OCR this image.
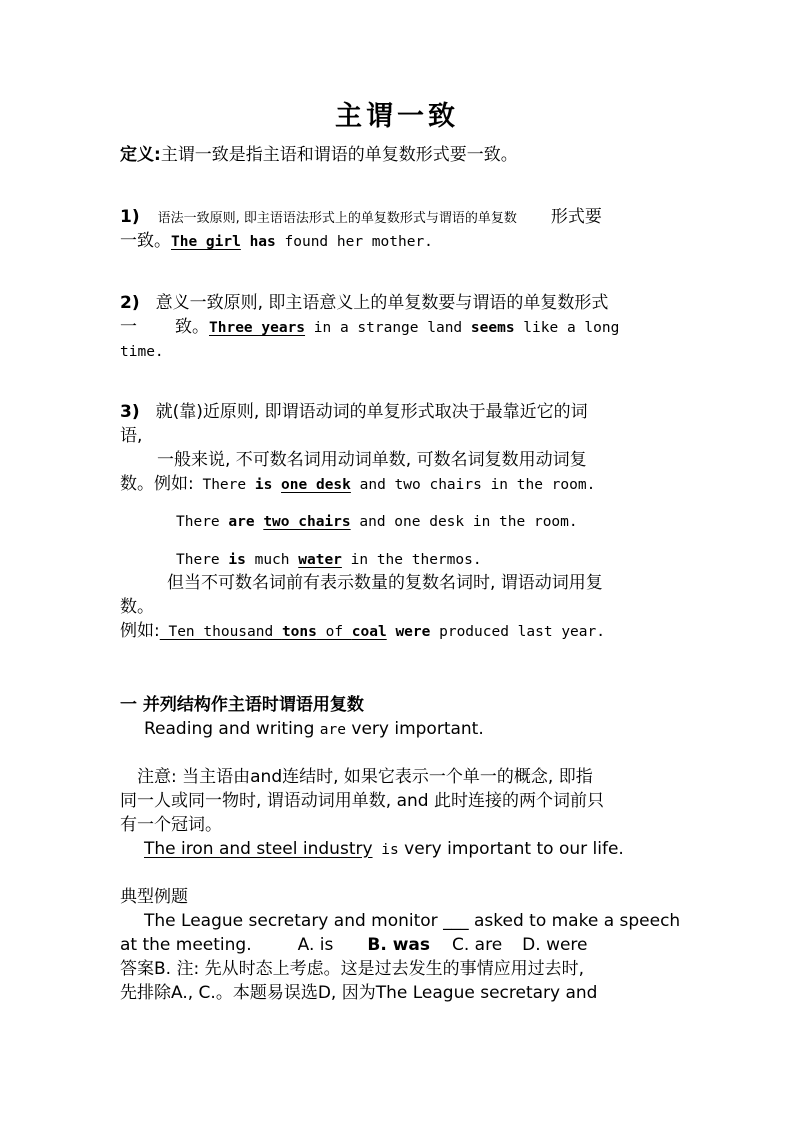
主谓一致
定义:主谓一致是指主语和谓语的单复数形式要一致。
1) 语法一致原则, 即主语语法形式上的单复数形式与谓语的单复数 形式要
一致。The girl has found her mother.
2) 意义一致原则, 即主语意义上的单复数要与谓语的单复数形式
一 致。Three years in a strange land seems like a long
time.
3) 就(靠)近原则, 即谓语动词的单复形式取决于最靠近它的词
语,
一般来说, 不可数名词用动词单数, 可数名词复数用动词复
数。例如: There is one desk and two chairs in the room.
There are two chairs and one desk in the room.
There is much water in the thermos.
但当不可数名词前有表示数量的复数名词时, 谓语动词用复
数。
例如: Ten thousand tons of coal were produced last year.
一 并列结构作主语时谓语用复数
Reading and writing are very important.
注意: 当主语由and连结时, 如果它表示一个单一的概念, 即指
同一人或同一物时, 谓语动词用单数, and 此时连接的两个词前只
有一个冠词。
The iron and steel industry is very important to our life.
典型例题
The League secretary and monitor ___ asked to make a speech
at the meeting.	A. is B. was C. are D. were
答案B. 注: 先从时态上考虑。这是过去发生的事情应用过去时,
先排除A., C.。本题易误选D, 因为The League secretary and
